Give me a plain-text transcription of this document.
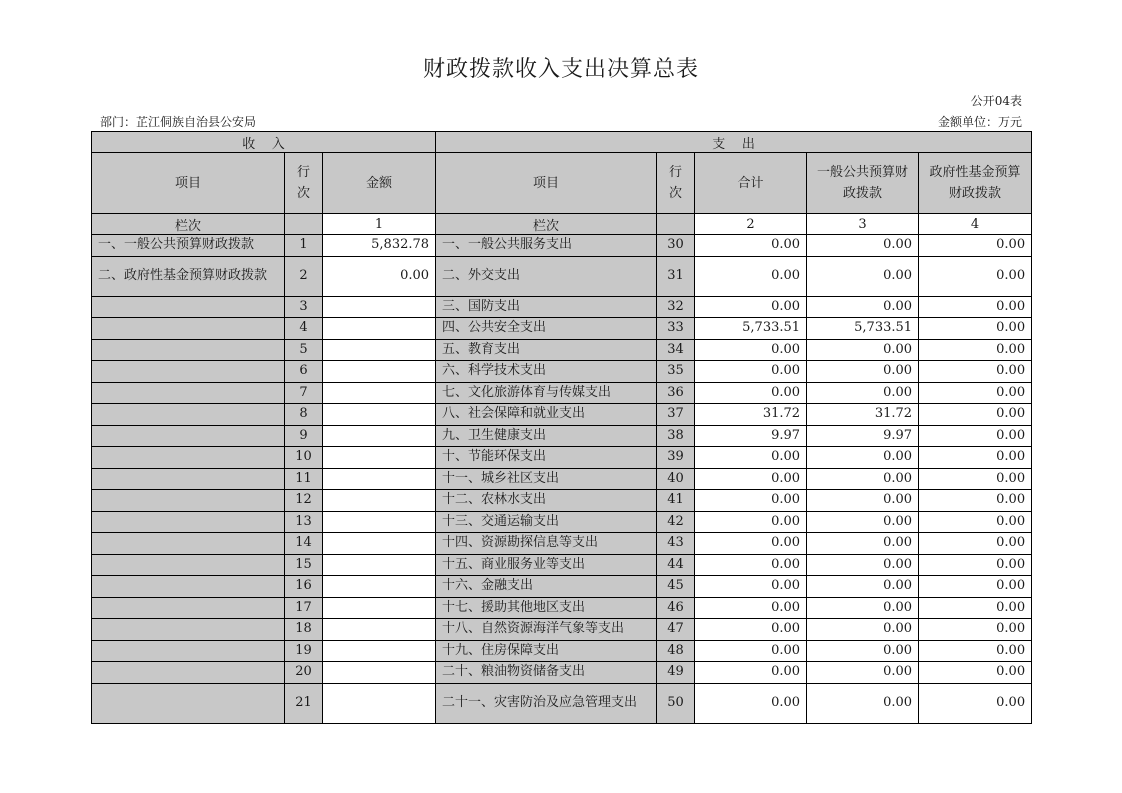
财政拨款收入支出决算总表
公开04表
部门：芷江侗族自治县公安局	金额单位：万元
收    入			支    出				
项目	行次	金额	项目	行次	合计	一般公共预算财政拨款	政府性基金预算财政拨款
栏次		1	栏次		2	3	4
一、一般公共预算财政拨款	1	5,832.78	一、一般公共服务支出	30	0.00	0.00	0.00
二、政府性基金预算财政拨款	2	0.00	二、外交支出	31	0.00	0.00	0.00
	3		三、国防支出	32	0.00	0.00	0.00
	4		四、公共安全支出	33	5,733.51	5,733.51	0.00
	5		五、教育支出	34	0.00	0.00	0.00
	6		六、科学技术支出	35	0.00	0.00	0.00
	7		七、文化旅游体育与传媒支出	36	0.00	0.00	0.00
	8		八、社会保障和就业支出	37	31.72	31.72	0.00
	9		九、卫生健康支出	38	9.97	9.97	0.00
	10		十、节能环保支出	39	0.00	0.00	0.00
	11		十一、城乡社区支出	40	0.00	0.00	0.00
	12		十二、农林水支出	41	0.00	0.00	0.00
	13		十三、交通运输支出	42	0.00	0.00	0.00
	14		十四、资源勘探信息等支出	43	0.00	0.00	0.00
	15		十五、商业服务业等支出	44	0.00	0.00	0.00
	16		十六、金融支出	45	0.00	0.00	0.00
	17		十七、援助其他地区支出	46	0.00	0.00	0.00
	18		十八、自然资源海洋气象等支出	47	0.00	0.00	0.00
	19		十九、住房保障支出	48	0.00	0.00	0.00
	20		二十、粮油物资储备支出	49	0.00	0.00	0.00
	21		二十一、灾害防治及应急管理支出	50	0.00	0.00	0.00
